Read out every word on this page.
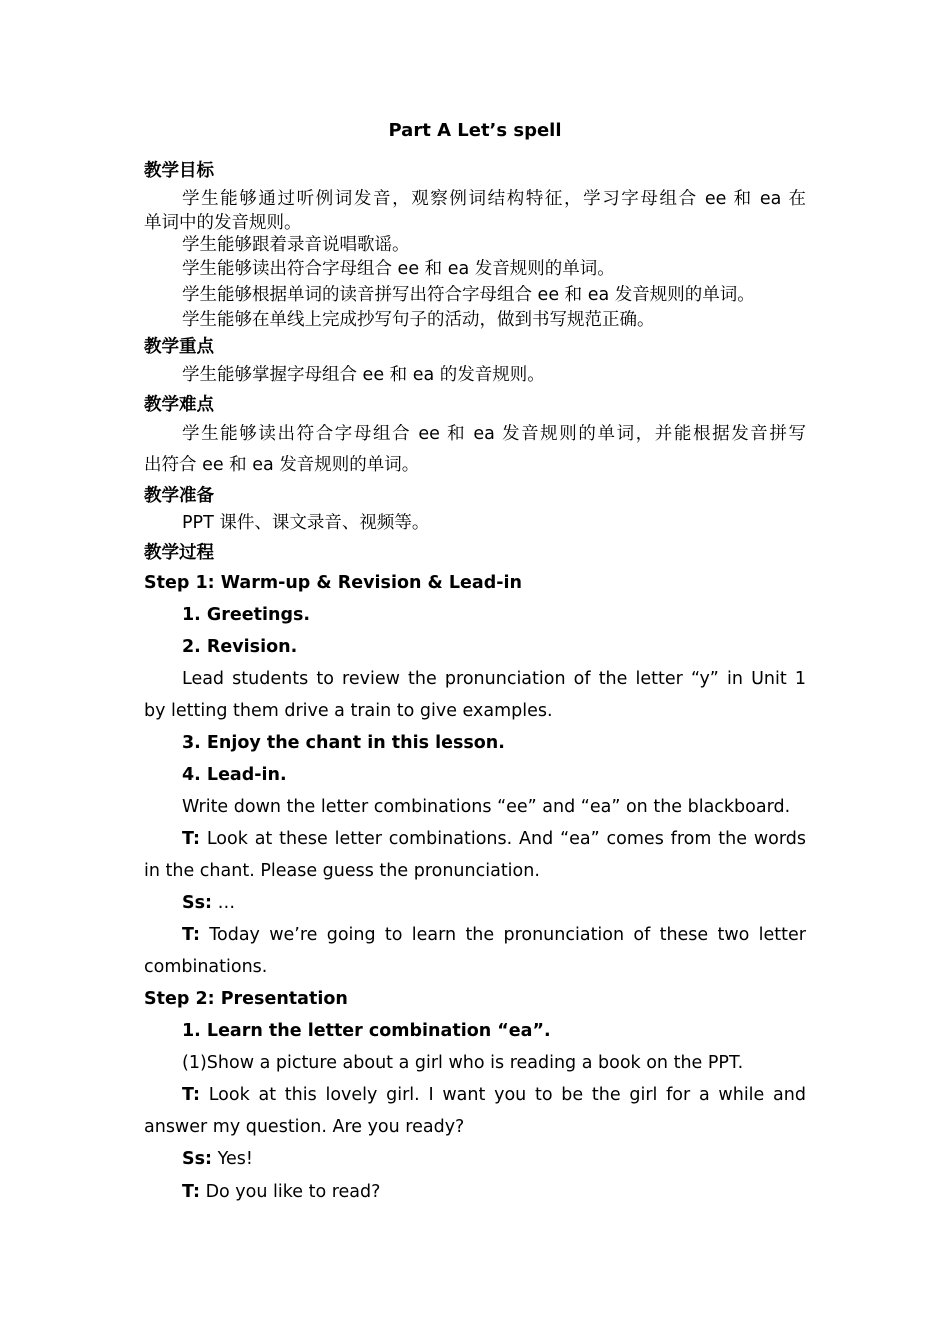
Part A Let’s spell
教学目标
学生能够通过听例词发音，观察例词结构特征，学习字母组合 ee 和 ea 在
单词中的发音规则。
学生能够跟着录音说唱歌谣。
学生能够读出符合字母组合 ee 和 ea 发音规则的单词。
学生能够根据单词的读音拼写出符合字母组合 ee 和 ea 发音规则的单词。
学生能够在单线上完成抄写句子的活动，做到书写规范正确。
教学重点
学生能够掌握字母组合 ee 和 ea 的发音规则。
教学难点
学生能够读出符合字母组合 ee 和 ea 发音规则的单词，并能根据发音拼写
出符合 ee 和 ea 发音规则的单词。
教学准备
PPT 课件、课文录音、视频等。
教学过程
Step 1: Warm-up & Revision & Lead-in
1. Greetings.
2. Revision.
Lead students to review the pronunciation of the letter “y” in Unit 1
by letting them drive a train to give examples.
3. Enjoy the chant in this lesson.
4. Lead-in.
Write down the letter combinations “ee” and “ea” on the blackboard.
T: Look at these letter combinations. And “ea” comes from the words
in the chant. Please guess the pronunciation.
Ss: …
T: Today we’re going to learn the pronunciation of these two letter
combinations.
Step 2: Presentation
1. Learn the letter combination “ea”.
(1)Show a picture about a girl who is reading a book on the PPT.
T: Look at this lovely girl. I want you to be the girl for a while and
answer my question. Are you ready?
Ss: Yes!
T: Do you like to read?
